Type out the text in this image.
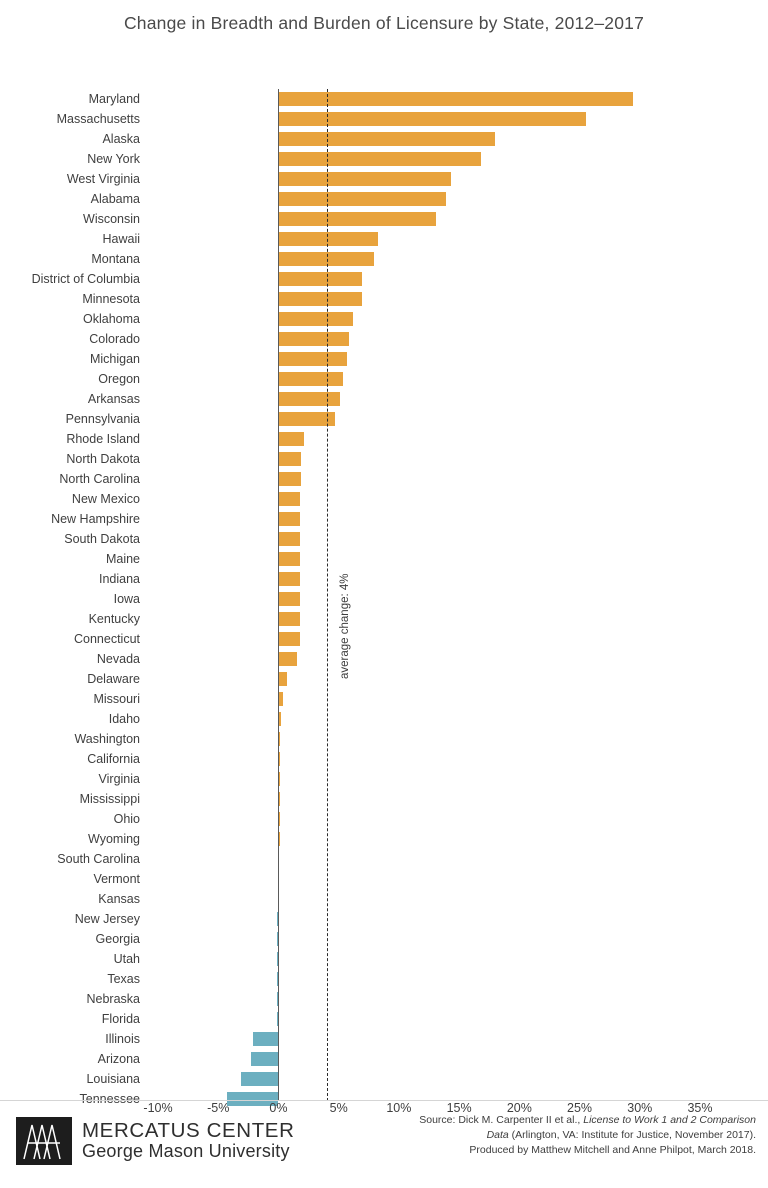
Change in Breadth and Burden of Licensure by State, 2012–2017
Maryland
Massachusetts
Alaska
New York
West Virginia
Alabama
Wisconsin
Hawaii
Montana
District of Columbia
Minnesota
Oklahoma
Colorado
Michigan
Oregon
Arkansas
Pennsylvania
Rhode Island
North Dakota
North Carolina
New Mexico
New Hampshire
South Dakota
Maine
Indiana
Iowa
Kentucky
Connecticut
Nevada
Delaware
Missouri
Idaho
Washington
California
Virginia
Mississippi
Ohio
Wyoming
South Carolina
Vermont
Kansas
New Jersey
Georgia
Utah
Texas
Nebraska
Florida
Illinois
Arizona
Louisiana
Tennessee
average change: 4%
-10%	-5%	0%	5%	10%	15%	20%	25%	30%	35%
MERCATUS CENTER
George Mason University
Source: Dick M. Carpenter II et al., License to Work 1 and 2 Comparison
Data (Arlington, VA: Institute for Justice, November 2017).
Produced by Matthew Mitchell and Anne Philpot, March 2018.
